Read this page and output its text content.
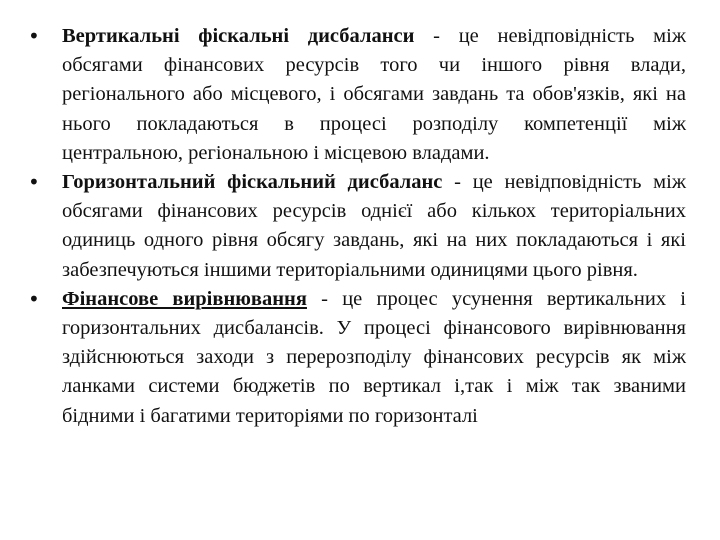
•	Вертикальні фіскальні дисбаланси - це невідповідність між обсягами фінансових ресурсів того чи іншого рівня влади, регіонального або місцевого, і обсягами завдань та обов'язків, які на нього покладаються в процесі розподілу компетенції між центральною, регіональною і місцевою владами.
•	Горизонтальний фіскальний дисбаланс - це невідповідність між обсягами фінансових ресурсів однієї або кількох територіальних одиниць одного рівня обсягу завдань, які на них покладаються і які забезпечуються іншими територіальними одиницями цього рівня.
•	Фінансове вирівнювання - це процес усунення вертикальних і горизонтальних дисбалансів. У процесі фінансового вирівнювання здійснюються заходи з перерозподілу фінансових ресурсів як між ланками системи бюджетів по вертикал і,так і між так званими бідними і багатими територіями по горизонталі
